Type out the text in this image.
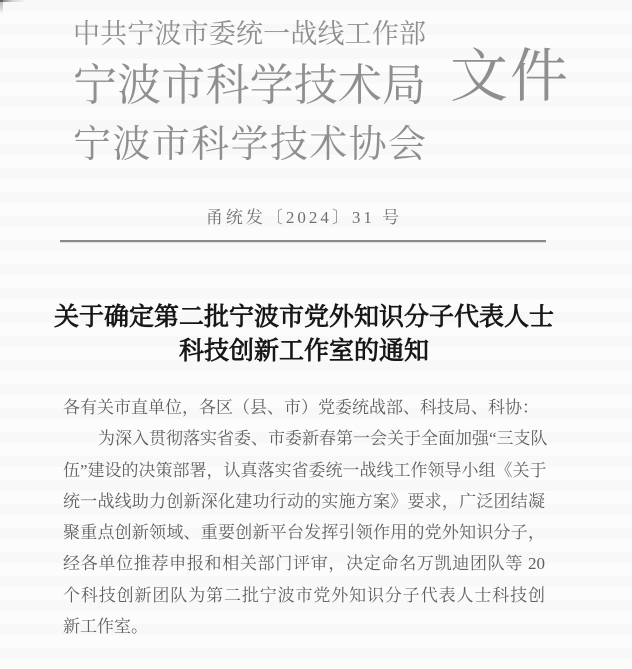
中共宁波市委统一战线工作部
宁波市科学技术局
宁波市科学技术协会
文件
甬统发〔2024〕31 号
关于确定第二批宁波市党外知识分子代表人士
科技创新工作室的通知
各有关市直单位，各区（县、市）党委统战部、科技局、科协：
为深入贯彻落实省委、市委新春第一会关于全面加强“三支队
伍”建设的决策部署，认真落实省委统一战线工作领导小组《关于
统一战线助力创新深化建功行动的实施方案》要求，广泛团结凝
聚重点创新领域、重要创新平台发挥引领作用的党外知识分子，
经各单位推荐申报和相关部门评审，决定命名万凯迪团队等 20
个科技创新团队为第二批宁波市党外知识分子代表人士科技创
新工作室。
